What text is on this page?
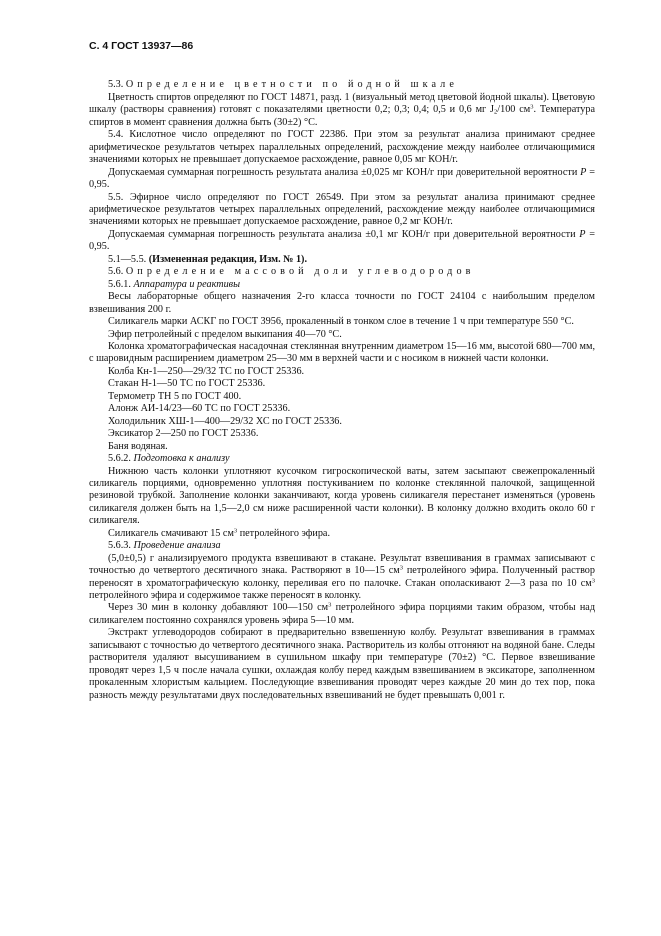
С. 4 ГОСТ 13937—86

5.3. Определение цветности по йодной шкале

Цветность спиртов определяют по ГОСТ 14871, разд. 1 (визуальный метод цветовой йодной шкалы). Цветовую шкалу (растворы сравнения) готовят с показателями цветности 0,2; 0,3; 0,4; 0,5 и 0,6 мг $J_2/100$ $см^3$. Температура спиртов в момент сравнения должна быть (30±2) °С.

5.4. Кислотное число определяют по ГОСТ 22386. При этом за результат анализа принимают среднее арифметическое результатов четырех параллельных определений, расхождение между наиболее отличающимися значениями которых не превышает допускаемое расхождение, равное 0,05 мг КОН/г.

Допускаемая суммарная погрешность результата анализа ±0,025 мг КОН/г при доверительной вероятности P = 0,95.

5.5. Эфирное число определяют по ГОСТ 26549. При этом за результат анализа принимают среднее арифметическое результатов четырех параллельных определений, расхождение между наиболее отличающимися значениями которых не превышает допускаемое расхождение, равное 0,2 мг КОН/г.

Допускаемая суммарная погрешность результата анализа ±0,1 мг КОН/г при доверительной вероятности P = 0,95.

5.1—5.5. (Измененная редакция, Изм. № 1).

5.6. Определение массовой доли углеводородов

5.6.1. Аппаратура и реактивы

Весы лабораторные общего назначения 2-го класса точности по ГОСТ 24104 с наибольшим пределом взвешивания 200 г.

Силикагель марки АСКГ по ГОСТ 3956, прокаленный в тонком слое в течение 1 ч при температуре 550 °С.

Эфир петролейный с пределом выкипания 40—70 °С.

Колонка хроматографическая насадочная стеклянная внутренним диаметром 15—16 мм, высотой 680—700 мм, с шаровидным расширением диаметром 25—30 мм в верхней части и с носиком в нижней части колонки.

Колба Кн-1—250—29/32 ТС по ГОСТ 25336.

Стакан Н-1—50 ТС по ГОСТ 25336.

Термометр ТН 5 по ГОСТ 400.

Алонж АИ-14/23—60 ТС по ГОСТ 25336.

Холодильник ХШ-1—400—29/32 ХС по ГОСТ 25336.

Эксикатор 2—250 по ГОСТ 25336.

Баня водяная.

5.6.2. Подготовка к анализу

Нижнюю часть колонки уплотняют кусочком гигроскопической ваты, затем засыпают свежепрокаленный силикагель порциями, одновременно уплотняя постукиванием по колонке стеклянной палочкой, защищенной резиновой трубкой. Заполнение колонки заканчивают, когда уровень силикагеля перестанет изменяться (уровень силикагеля должен быть на 1,5—2,0 см ниже расширенной части колонки). В колонку должно входить около 60 г силикагеля.

Силикагель смачивают 15 $см^3$ петролейного эфира.

5.6.3. Проведение анализа

(5,0±0,5) г анализируемого продукта взвешивают в стакане. Результат взвешивания в граммах записывают с точностью до четвертого десятичного знака. Растворяют в 10—15 $см^3$ петролейного эфира. Полученный раствор переносят в хроматографическую колонку, переливая его по палочке. Стакан ополаскивают 2—3 раза по 10 $см^3$ петролейного эфира и содержимое также переносят в колонку.

Через 30 мин в колонку добавляют 100—150 $см^3$ петролейного эфира порциями таким образом, чтобы над силикагелем постоянно сохранялся уровень эфира 5—10 мм.

Экстракт углеводородов собирают в предварительно взвешенную колбу. Результат взвешивания в граммах записывают с точностью до четвертого десятичного знака. Растворитель из колбы отгоняют на водяной бане. Следы растворителя удаляют высушиванием в сушильном шкафу при температуре (70±2) °С. Первое взвешивание проводят через 1,5 ч после начала сушки, охлаждая колбу перед каждым взвешиванием в эксикаторе, заполненном прокаленным хлористым кальцием. Последующие взвешивания проводят через каждые 20 мин до тех пор, пока разность между результатами двух последовательных взвешиваний не будет превышать 0,001 г.
